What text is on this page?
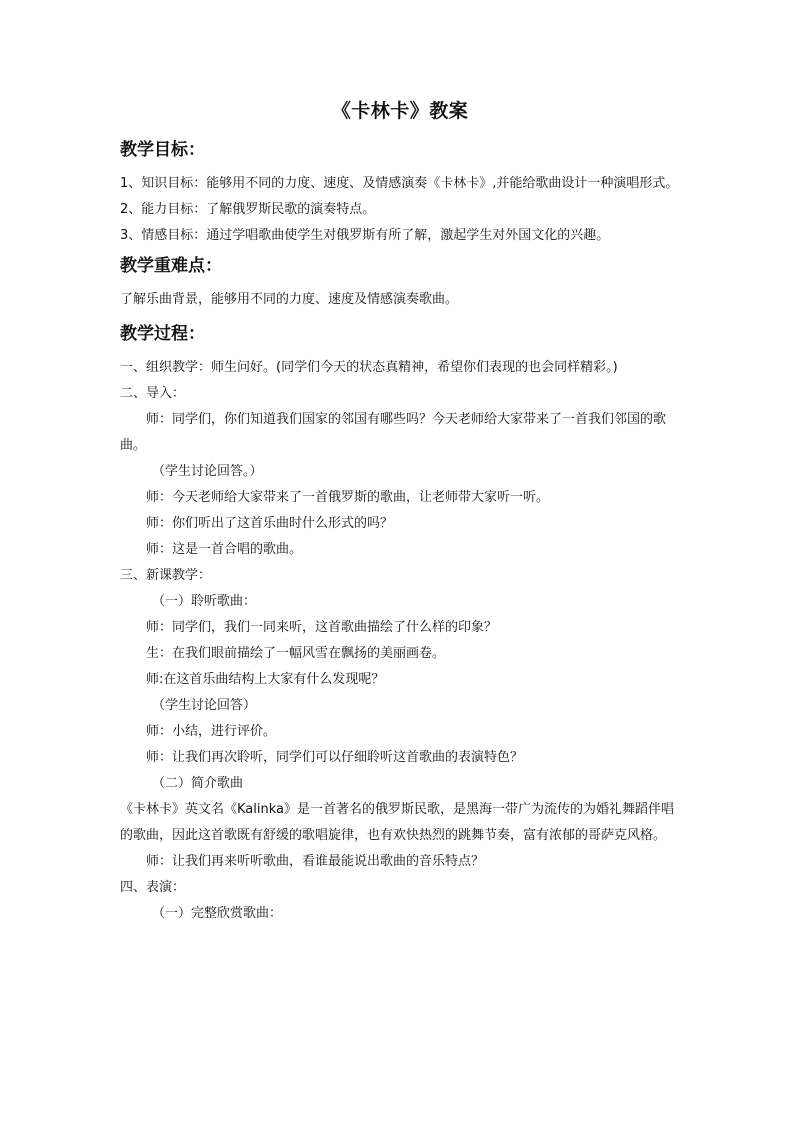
《卡林卡》教案
教学目标：

1、知识目标：能够用不同的力度、速度、及情感演奏《卡林卡》,并能给歌曲设计一种演唱形式。

2、能力目标：了解俄罗斯民歌的演奏特点。

3、情感目标：通过学唱歌曲使学生对俄罗斯有所了解，激起学生对外国文化的兴趣。

教学重难点：

了解乐曲背景，能够用不同的力度、速度及情感演奏歌曲。

教学过程：

一、组织教学：师生问好。(同学们今天的状态真精神，希望你们表现的也会同样精彩。)

二、导入：

师：同学们，你们知道我们国家的邻国有哪些吗？今天老师给大家带来了一首我们邻国的歌曲。

（学生讨论回答。）

师：今天老师给大家带来了一首俄罗斯的歌曲，让老师带大家听一听。

师：你们听出了这首乐曲时什么形式的吗？

师：这是一首合唱的歌曲。

三、新课教学：

（一）聆听歌曲：

师：同学们，我们一同来听，这首歌曲描绘了什么样的印象？

生：在我们眼前描绘了一幅风雪在飘扬的美丽画卷。

师:在这首乐曲结构上大家有什么发现呢？

（学生讨论回答）

师：小结，进行评价。

师：让我们再次聆听，同学们可以仔细聆听这首歌曲的表演特色？

（二）简介歌曲

《卡林卡》英文名《Kalinka》是一首著名的俄罗斯民歌，是黑海一带广为流传的为婚礼舞蹈伴唱的歌曲，因此这首歌既有舒缓的歌唱旋律，也有欢快热烈的跳舞节奏，富有浓郁的哥萨克风格。

师：让我们再来听听歌曲，看谁最能说出歌曲的音乐特点？

四、表演：

（一）完整欣赏歌曲：
